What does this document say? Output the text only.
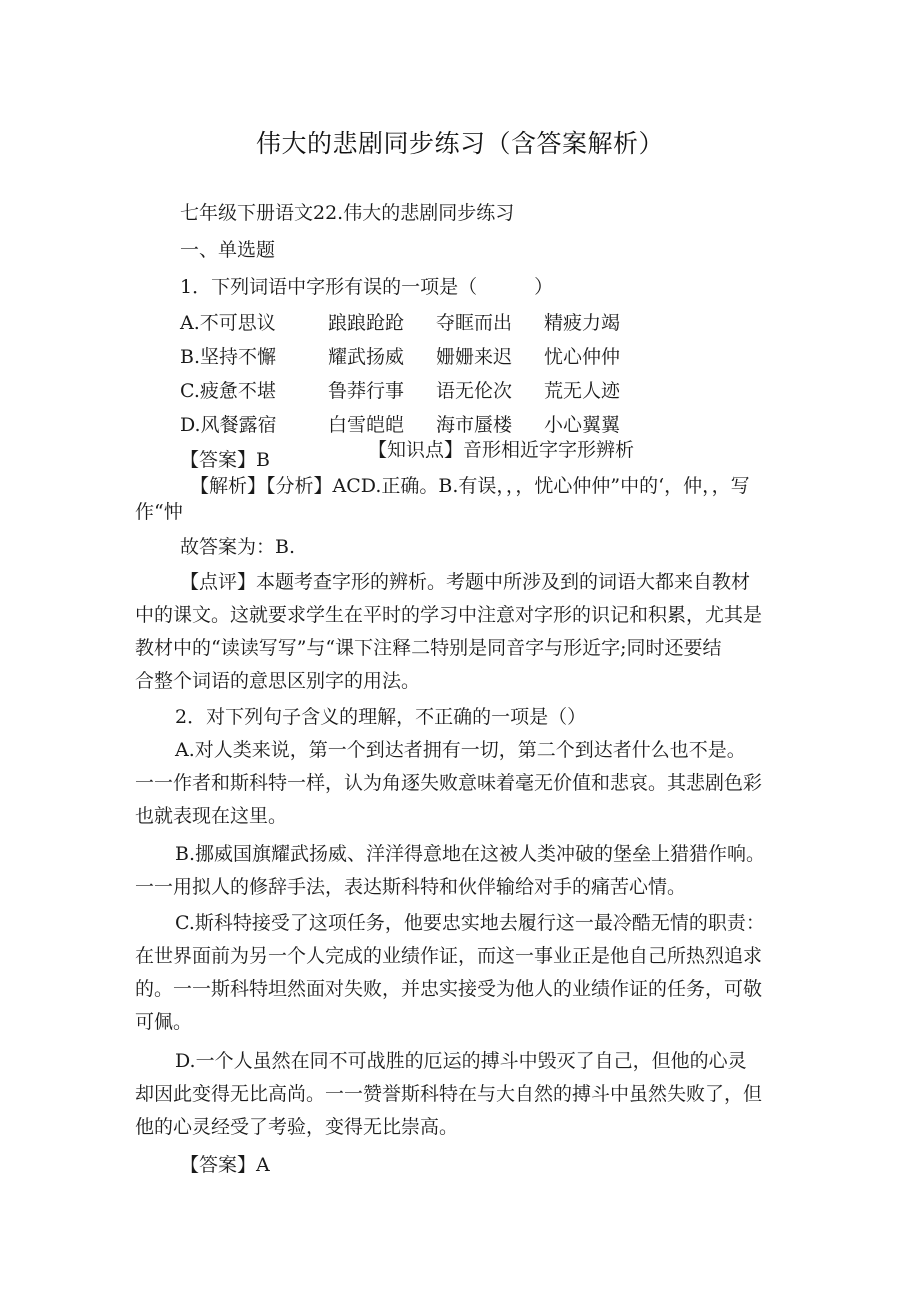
伟大的悲剧同步练习（含答案解析）
七年级下册语文22.伟大的悲剧同步练习
一、单选题
1．下列词语中字形有误的一项是（　　　）
A.不可思议	踉踉跄跄 夺眶而出 精疲力竭
B.坚持不懈	耀武扬威 姗姗来迟 忧心仲仲
C.疲惫不堪	鲁莽行事 语无伦次 荒无人迹
D.风餐露宿	白雪皑皑 海市蜃楼 小心翼翼
【答案】B	【知识点】音形相近字字形辨析
【解析】【分析】ACD.正确。B.有误，，，忧心仲仲”中的‘，仲，，写
作“忡
故答案为：B.
【点评】本题考查字形的辨析。考题中所涉及到的词语大都来自教材
中的课文。这就要求学生在平时的学习中注意对字形的识记和积累，尤其是
教材中的“读读写写”与“课下注释二特别是同音字与形近字;同时还要结
合整个词语的意思区别字的用法。
2．对下列句子含义的理解，不正确的一项是（）
A.对人类来说，第一个到达者拥有一切，第二个到达者什么也不是。
一一作者和斯科特一样，认为角逐失败意味着毫无价值和悲哀。其悲剧色彩
也就表现在这里。
B.挪威国旗耀武扬威、洋洋得意地在这被人类冲破的堡垒上猎猎作响。
一一用拟人的修辞手法，表达斯科特和伙伴输给对手的痛苦心情。
C.斯科特接受了这项任务，他要忠实地去履行这一最冷酷无情的职责：
在世界面前为另一个人完成的业绩作证，而这一事业正是他自己所热烈追求
的。一一斯科特坦然面对失败，并忠实接受为他人的业绩作证的任务，可敬
可佩。
D.一个人虽然在同不可战胜的厄运的搏斗中毁灭了自己，但他的心灵
却因此变得无比高尚。一一赞誉斯科特在与大自然的搏斗中虽然失败了，但
他的心灵经受了考验，变得无比崇高。
【答案】A
